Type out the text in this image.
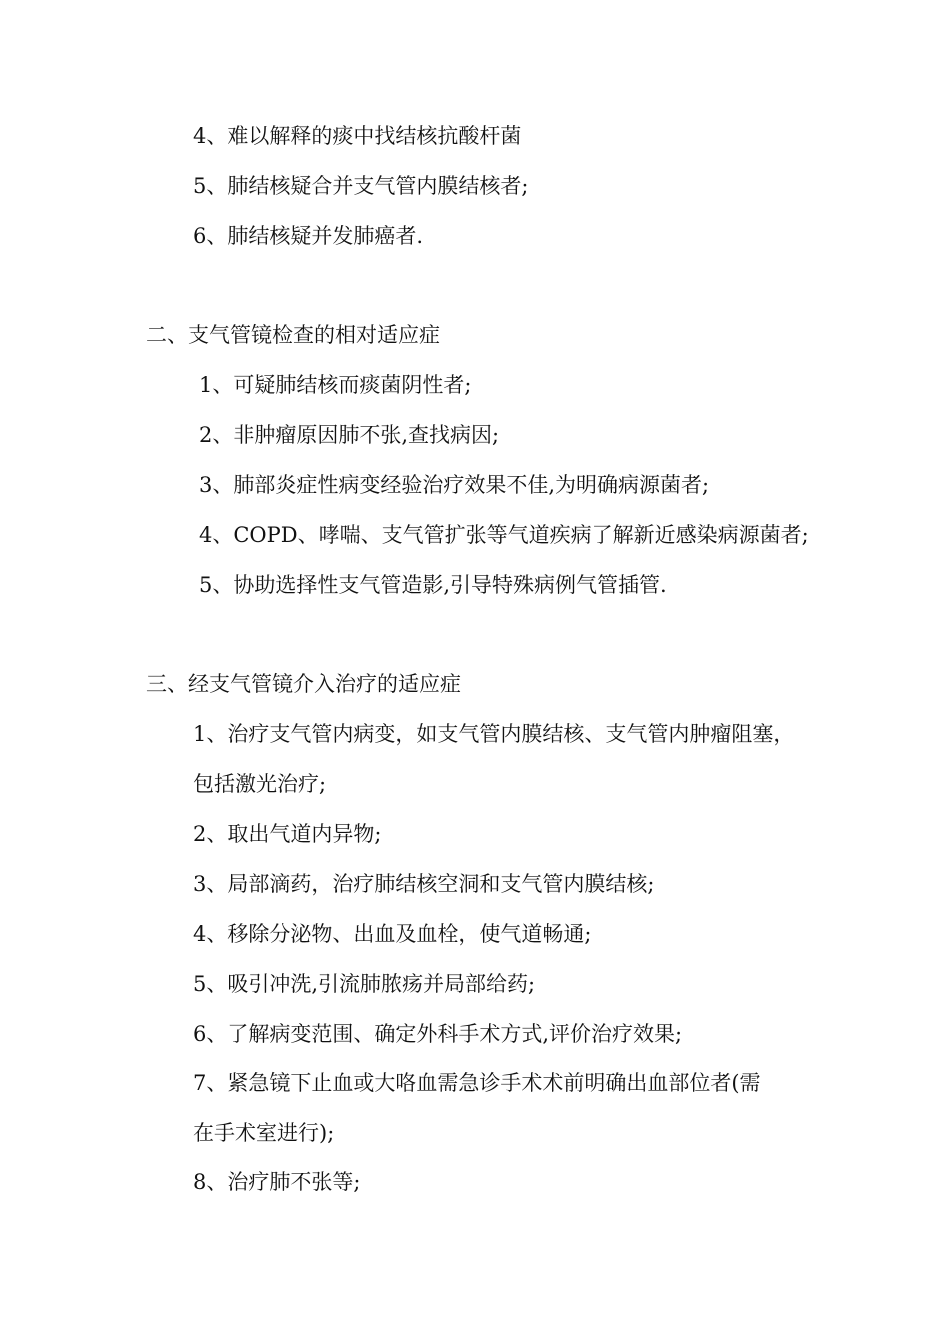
4、难以解释的痰中找结核抗酸杆菌
5、肺结核疑合并支气管内膜结核者;
6、肺结核疑并发肺癌者.
二、支气管镜检查的相对适应症
1、可疑肺结核而痰菌阴性者;
2、非肿瘤原因肺不张,查找病因;
3、肺部炎症性病变经验治疗效果不佳,为明确病源菌者;
4、COPD、哮喘、支气管扩张等气道疾病了解新近感染病源菌者;
5、协助选择性支气管造影,引导特殊病例气管插管.
三、经支气管镜介入治疗的适应症
1、治疗支气管内病变，如支气管内膜结核、支气管内肿瘤阻塞，
包括激光治疗;
2、取出气道内异物;
3、局部滴药，治疗肺结核空洞和支气管内膜结核;
4、移除分泌物、出血及血栓，使气道畅通;
5、吸引冲洗,引流肺脓疡并局部给药;
6、了解病变范围、确定外科手术方式,评价治疗效果;
7、紧急镜下止血或大咯血需急诊手术术前明确出血部位者(需
在手术室进行);
8、治疗肺不张等;
